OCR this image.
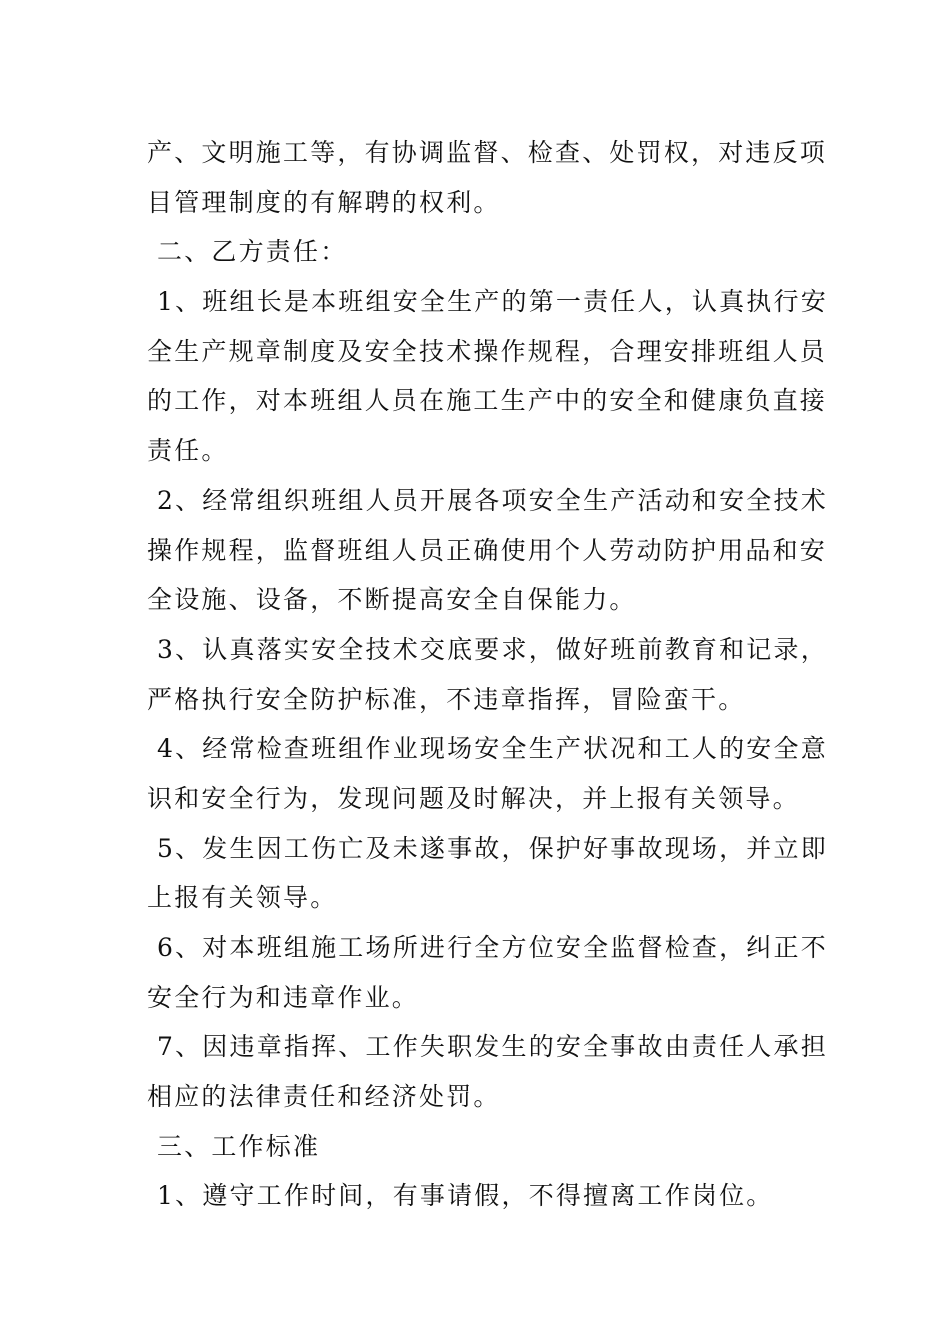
产、文明施工等，有协调监督、检查、处罚权，对违反项
目管理制度的有解聘的权利。
二、乙方责任：
1、班组长是本班组安全生产的第一责任人，认真执行安
全生产规章制度及安全技术操作规程，合理安排班组人员
的工作，对本班组人员在施工生产中的安全和健康负直接
责任。
2、经常组织班组人员开展各项安全生产活动和安全技术
操作规程，监督班组人员正确使用个人劳动防护用品和安
全设施、设备，不断提高安全自保能力。
3、认真落实安全技术交底要求，做好班前教育和记录，
严格执行安全防护标准，不违章指挥，冒险蛮干。
4、经常检查班组作业现场安全生产状况和工人的安全意
识和安全行为，发现问题及时解决，并上报有关领导。
5、发生因工伤亡及未遂事故，保护好事故现场，并立即
上报有关领导。
6、对本班组施工场所进行全方位安全监督检查，纠正不
安全行为和违章作业。
7、因违章指挥、工作失职发生的安全事故由责任人承担
相应的法律责任和经济处罚。
三、工作标准
1、遵守工作时间，有事请假，不得擅离工作岗位。
